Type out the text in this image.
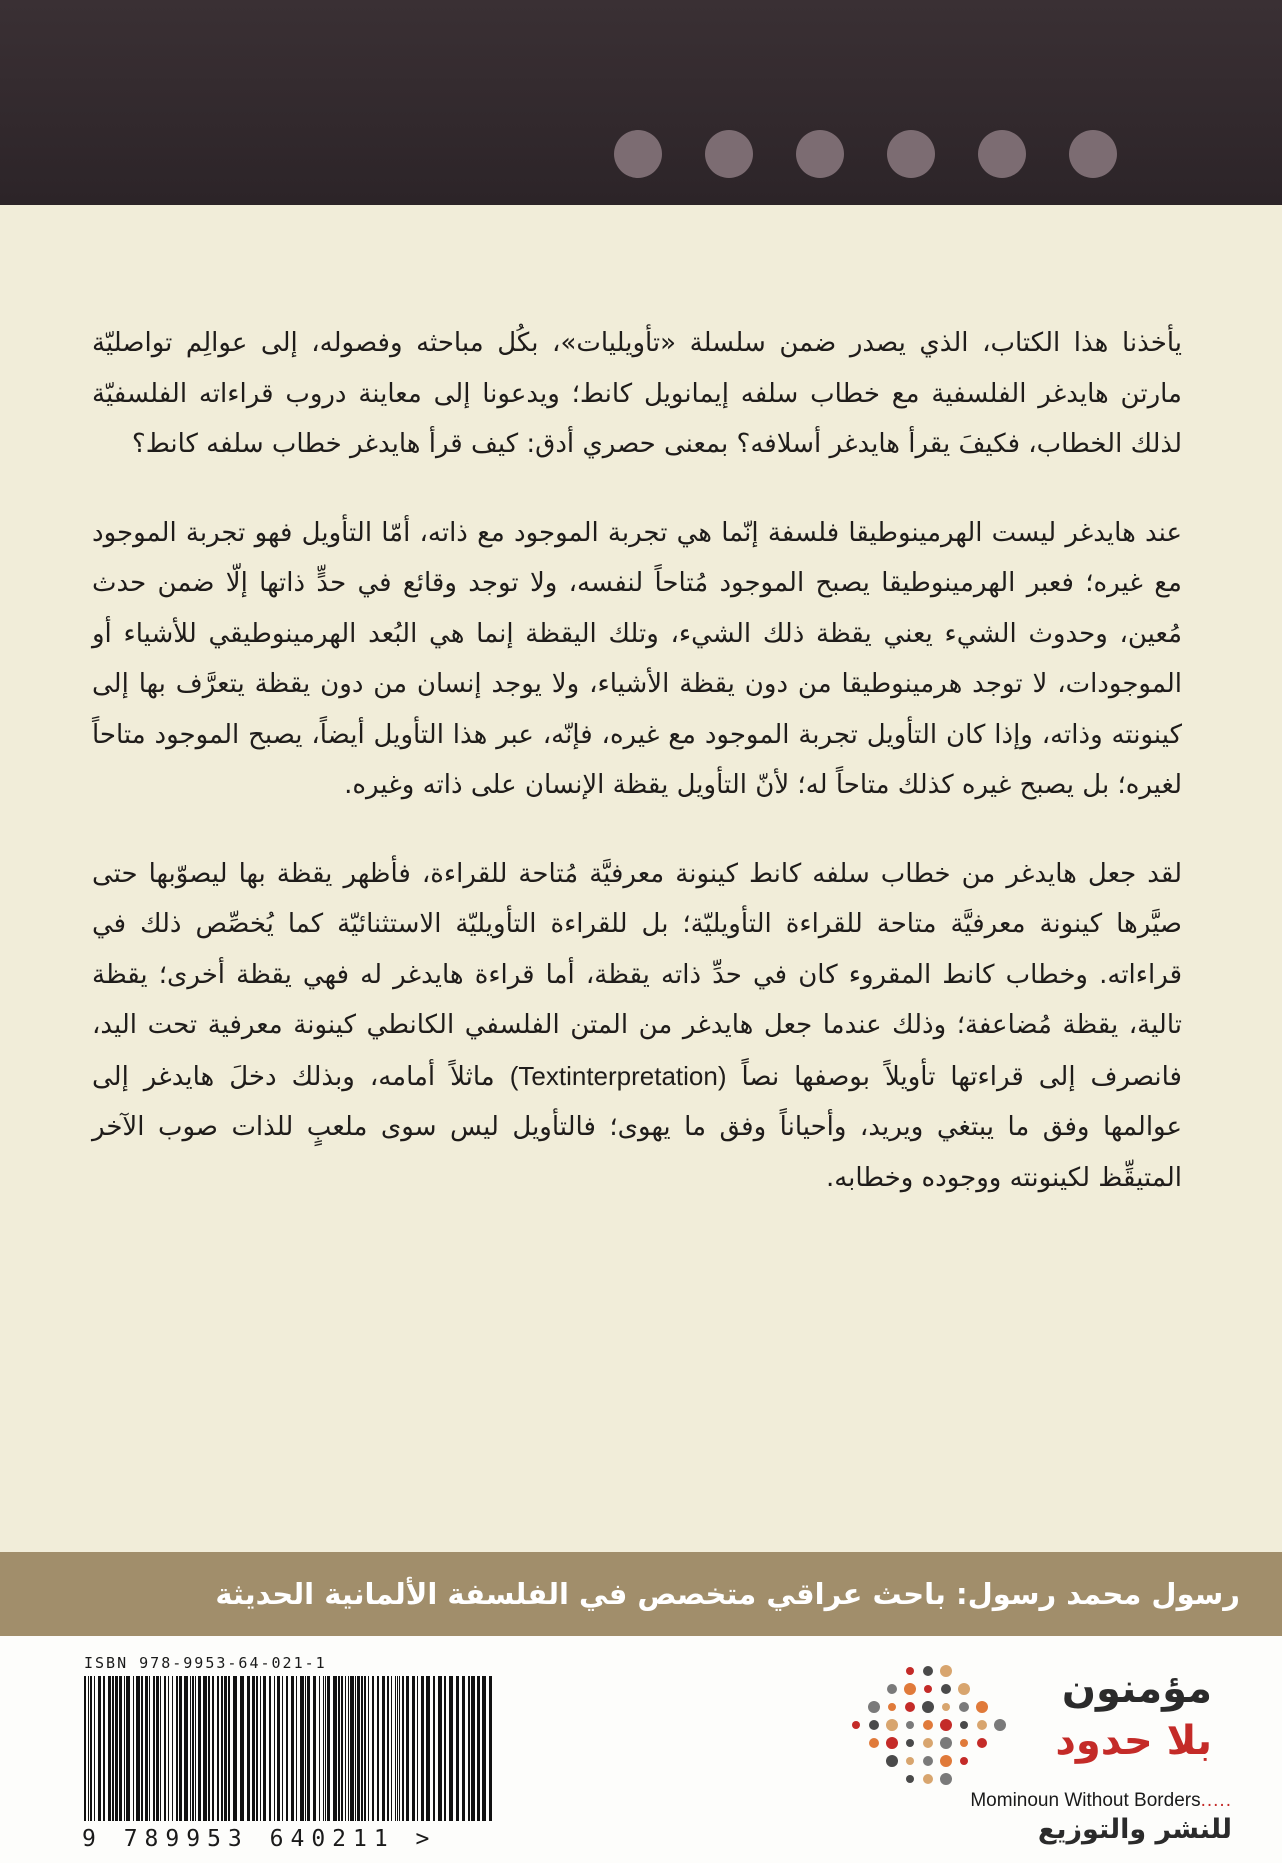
يأخذنا هذا الكتاب، الذي يصدر ضمن سلسلة «تأويليات»، بكُل مباحثه وفصوله، إلى عوالِم تواصليّة مارتن هايدغر الفلسفية مع خطاب سلفه إيمانويل كانط؛ ويدعونا إلى معاينة دروب قراءاته الفلسفيّة لذلك الخطاب، فكيفَ يقرأ هايدغر أسلافه؟ بمعنى حصري أدق: كيف قرأ هايدغر خطاب سلفه كانط؟

عند هايدغر ليست الهرمينوطيقا فلسفة إنّما هي تجربة الموجود مع ذاته، أمّا التأويل فهو تجربة الموجود مع غيره؛ فعبر الهرمينوطيقا يصبح الموجود مُتاحاً لنفسه، ولا توجد وقائع في حدٍّ ذاتها إلّا ضمن حدث مُعين، وحدوث الشيء يعني يقظة ذلك الشيء، وتلك اليقظة إنما هي البُعد الهرمينوطيقي للأشياء أو الموجودات، لا توجد هرمينوطيقا من دون يقظة الأشياء، ولا يوجد إنسان من دون يقظة يتعرَّف بها إلى كينونته وذاته، وإذا كان التأويل تجربة الموجود مع غيره، فإنّه، عبر هذا التأويل أيضاً، يصبح الموجود متاحاً لغيره؛ بل يصبح غيره كذلك متاحاً له؛ لأنّ التأويل يقظة الإنسان على ذاته وغيره.

لقد جعل هايدغر من خطاب سلفه كانط كينونة معرفيَّة مُتاحة للقراءة، فأظهر يقظة بها ليصوّبها حتى صيَّرها كينونة معرفيَّة متاحة للقراءة التأويليّة؛ بل للقراءة التأويليّة الاستثنائيّة كما يُخصِّص ذلك في قراءاته. وخطاب كانط المقروء كان في حدِّ ذاته يقظة، أما قراءة هايدغر له فهي يقظة أخرى؛ يقظة تالية، يقظة مُضاعفة؛ وذلك عندما جعل هايدغر من المتن الفلسفي الكانطي كينونة معرفية تحت اليد، فانصرف إلى قراءتها تأويلاً بوصفها نصاً (Textinterpretation) ماثلاً أمامه، وبذلك دخلَ هايدغر إلى عوالمها وفق ما يبتغي ويريد، وأحياناً وفق ما يهوى؛ فالتأويل ليس سوى ملعبٍ للذات صوب الآخر المتيقِّظ لكينونته ووجوده وخطابه.

رسول محمد رسول: باحث عراقي متخصص في الفلسفة الألمانية الحديثة
ISBN 978-9953-64-021-1
9 789953 640211 >
مؤمنون
بلا حدود
Mominoun Without Borders.....
للنشر والتوزيع
